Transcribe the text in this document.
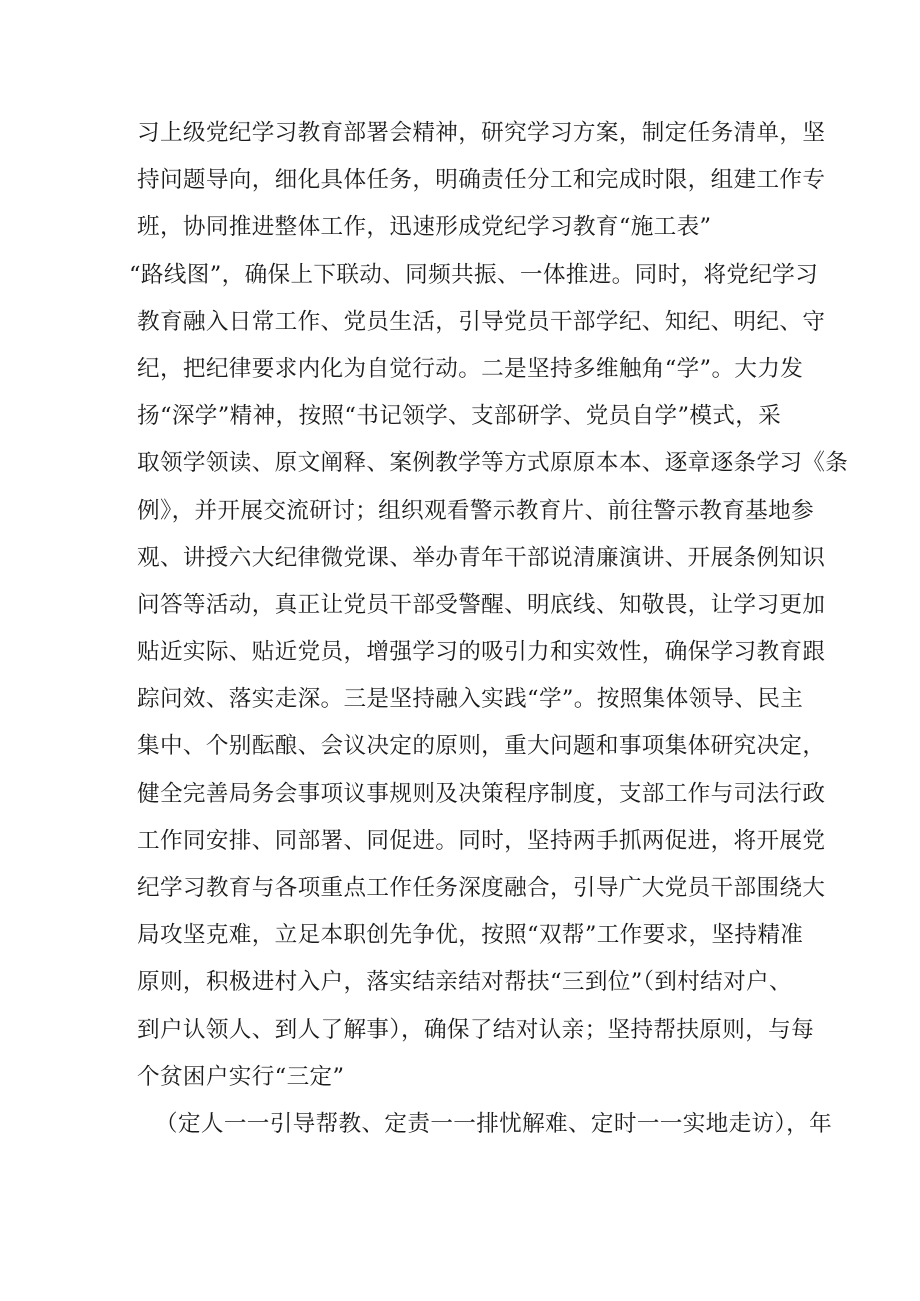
习上级党纪学习教育部署会精神，研究学习方案，制定任务清单，坚
持问题导向，细化具体任务，明确责任分工和完成时限，组建工作专
班，协同推进整体工作，迅速形成党纪学习教育“施工表”
“路线图”，确保上下联动、同频共振、一体推进。同时，将党纪学习
教育融入日常工作、党员生活，引导党员干部学纪、知纪、明纪、守
纪，把纪律要求内化为自觉行动。二是坚持多维触角“学”。大力发
扬“深学”精神，按照“书记领学、支部研学、党员自学”模式，采
取领学领读、原文阐释、案例教学等方式原原本本、逐章逐条学习《条
例》，并开展交流研讨；组织观看警示教育片、前往警示教育基地参
观、讲授六大纪律微党课、举办青年干部说清廉演讲、开展条例知识
问答等活动，真正让党员干部受警醒、明底线、知敬畏，让学习更加
贴近实际、贴近党员，增强学习的吸引力和实效性，确保学习教育跟
踪问效、落实走深。三是坚持融入实践“学”。按照集体领导、民主
集中、个别酝酿、会议决定的原则，重大问题和事项集体研究决定，
健全完善局务会事项议事规则及决策程序制度，支部工作与司法行政
工作同安排、同部署、同促进。同时，坚持两手抓两促进，将开展党
纪学习教育与各项重点工作任务深度融合，引导广大党员干部围绕大
局攻坚克难，立足本职创先争优，按照“双帮”工作要求，坚持精准
原则，积极进村入户，落实结亲结对帮扶“三到位”（到村结对户、
到户认领人、到人了解事），确保了结对认亲；坚持帮扶原则，与每
个贫困户实行“三定”
（定人一一引导帮教、定责一一排忧解难、定时一一实地走访），年
